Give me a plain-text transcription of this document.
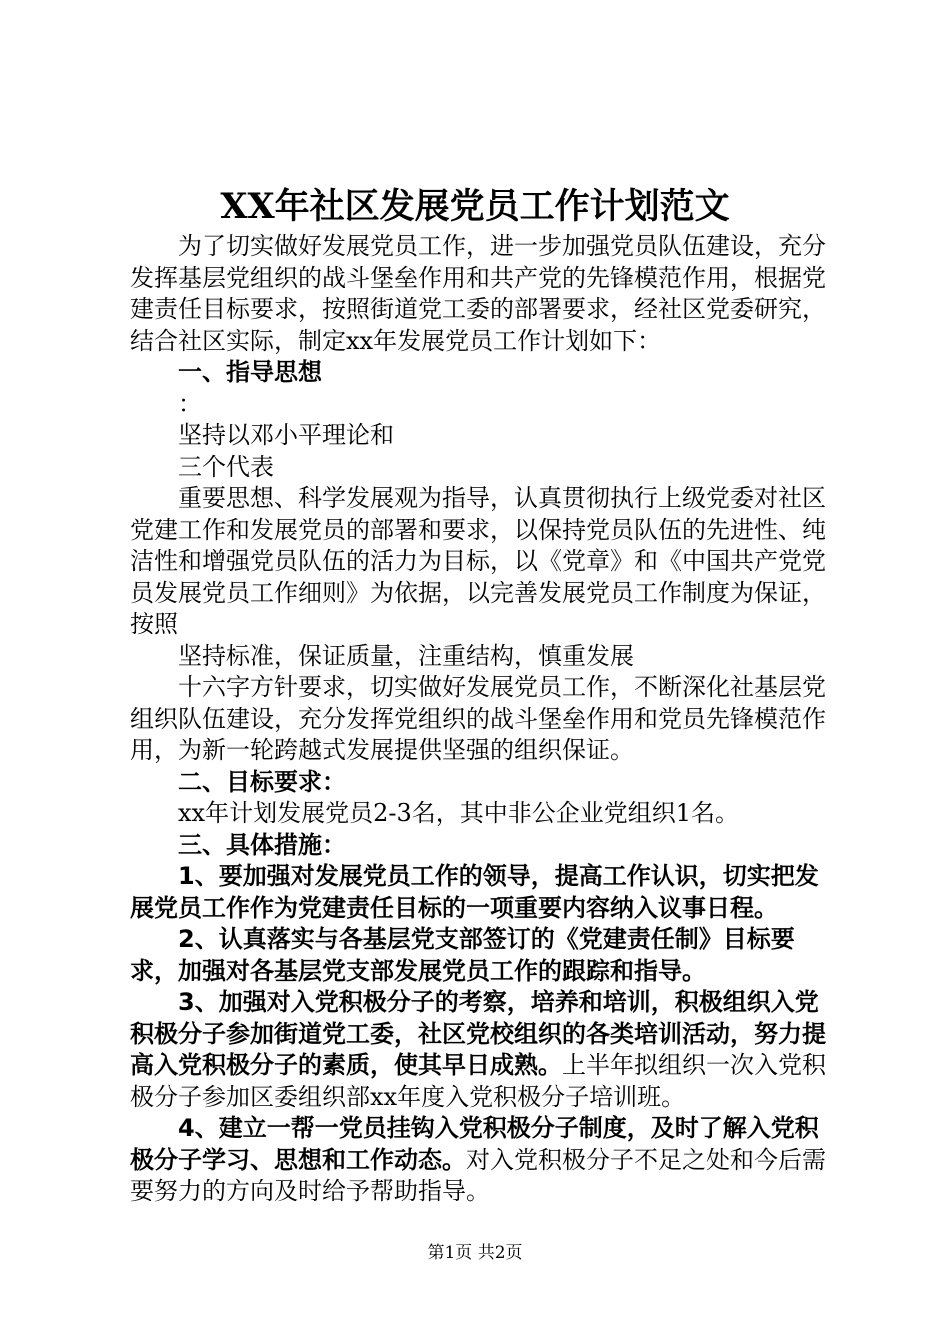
XX年社区发展党员工作计划范文

为了切实做好发展党员工作，进一步加强党员队伍建设，充分发挥基层党组织的战斗堡垒作用和共产党的先锋模范作用，根据党建责任目标要求，按照街道党工委的部署要求，经社区党委研究，结合社区实际，制定xx年发展党员工作计划如下：

一、指导思想

：

坚持以邓小平理论和

三个代表

重要思想、科学发展观为指导，认真贯彻执行上级党委对社区党建工作和发展党员的部署和要求，以保持党员队伍的先进性、纯洁性和增强党员队伍的活力为目标，以《党章》和《中国共产党党员发展党员工作细则》为依据，以完善发展党员工作制度为保证，按照

坚持标准，保证质量，注重结构，慎重发展

十六字方针要求，切实做好发展党员工作，不断深化社基层党组织队伍建设，充分发挥党组织的战斗堡垒作用和党员先锋模范作用，为新一轮跨越式发展提供坚强的组织保证。

二、目标要求：

xx年计划发展党员2-3名，其中非公企业党组织1名。

三、具体措施：

1、要加强对发展党员工作的领导，提高工作认识，切实把发展党员工作作为党建责任目标的一项重要内容纳入议事日程。

2、认真落实与各基层党支部签订的《党建责任制》目标要求，加强对各基层党支部发展党员工作的跟踪和指导。

3、加强对入党积极分子的考察，培养和培训，积极组织入党积极分子参加街道党工委，社区党校组织的各类培训活动，努力提高入党积极分子的素质，使其早日成熟。上半年拟组织一次入党积极分子参加区委组织部xx年度入党积极分子培训班。

4、建立一帮一党员挂钩入党积极分子制度，及时了解入党积极分子学习、思想和工作动态。对入党积极分子不足之处和今后需要努力的方向及时给予帮助指导。

第1页 共2页
